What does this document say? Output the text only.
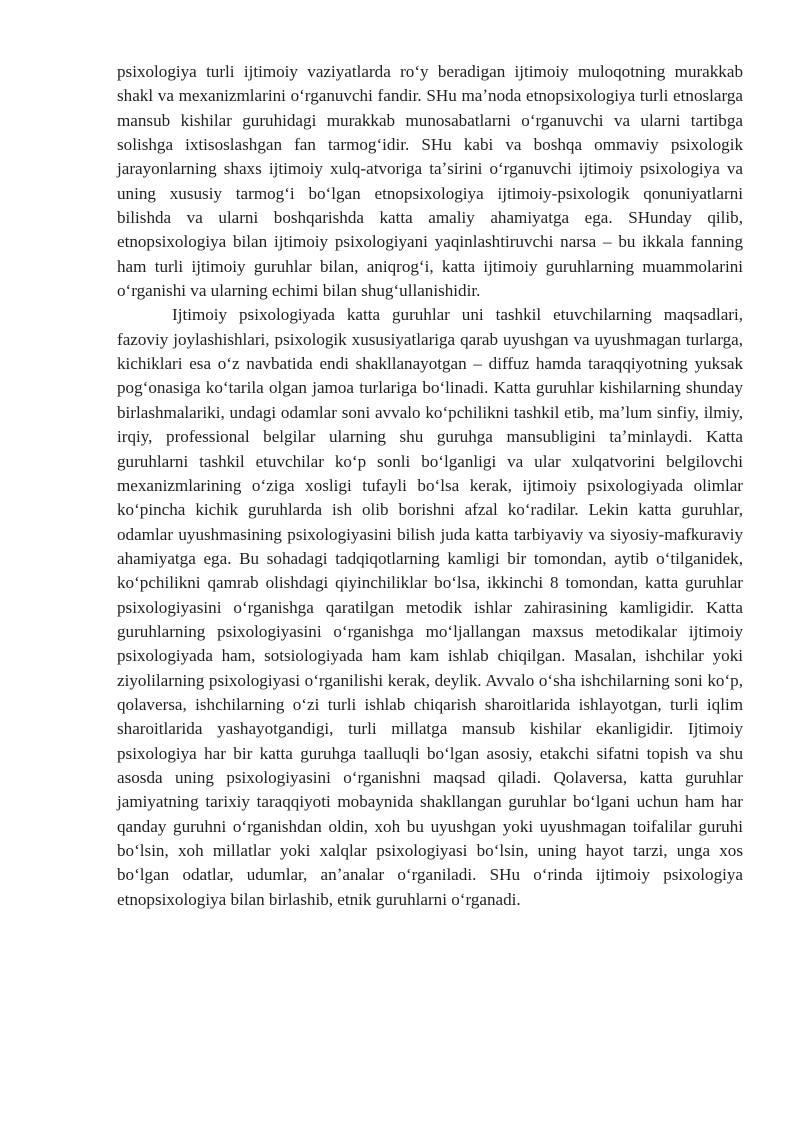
psixologiya turli ijtimoiy vaziyatlarda roʻy beradigan ijtimoiy muloqotning murakkab shakl va mexanizmlarini oʻrganuvchi fandir. SHu maʼnoda etnopsixologiya turli etnoslarga mansub kishilar guruhidagi murakkab munosabatlarni oʻrganuvchi va ularni tartibga solishga ixtisoslashgan fan tarmogʻidir. SHu kabi va boshqa ommaviy psixologik jarayonlarning shaxs ijtimoiy xulq-atvoriga taʼsirini oʻrganuvchi ijtimoiy psixologiya va uning xususiy tarmogʻi boʻlgan etnopsixologiya ijtimoiy-psixologik qonuniyatlarni bilishda va ularni boshqarishda katta amaliy ahamiyatga ega. SHunday qilib, etnopsixologiya bilan ijtimoiy psixologiyani yaqinlashtiruvchi narsa – bu ikkala fanning ham turli ijtimoiy guruhlar bilan, aniqrogʻi, katta ijtimoiy guruhlarning muammolarini oʻrganishi va ularning echimi bilan shugʻullanishidir.

Ijtimoiy psixologiyada katta guruhlar uni tashkil etuvchilarning maqsadlari, fazoviy joylashishlari, psixologik xususiyatlariga qarab uyushgan va uyushmagan turlarga, kichiklari esa oʻz navbatida endi shakllanayotgan – diffuz hamda taraqqiyotning yuksak pogʻonasiga koʻtarila olgan jamoa turlariga boʻlinadi. Katta guruhlar kishilarning shunday birlashmalariki, undagi odamlar soni avvalo koʻpchilikni tashkil etib, maʼlum sinfiy, ilmiy, irqiy, professional belgilar ularning shu guruhga mansubligini taʼminlaydi. Katta guruhlarni tashkil etuvchilar koʻp sonli boʻlganligi va ular xulqatvorini belgilovchi mexanizmlarining oʻziga xosligi tufayli boʻlsa kerak, ijtimoiy psixologiyada olimlar koʻpincha kichik guruhlarda ish olib borishni afzal koʻradilar. Lekin katta guruhlar, odamlar uyushmasining psixologiyasini bilish juda katta tarbiyaviy va siyosiy-mafkuraviy ahamiyatga ega. Bu sohadagi tadqiqotlarning kamligi bir tomondan, aytib oʻtilganidek, koʻpchilikni qamrab olishdagi qiyinchiliklar boʻlsa, ikkinchi 8 tomondan, katta guruhlar psixologiyasini oʻrganishga qaratilgan metodik ishlar zahirasining kamligidir. Katta guruhlarning psixologiyasini oʻrganishga moʻljallangan maxsus metodikalar ijtimoiy psixologiyada ham, sotsiologiyada ham kam ishlab chiqilgan. Masalan, ishchilar yoki ziyolilarning psixologiyasi oʻrganilishi kerak, deylik. Avvalo oʻsha ishchilarning soni koʻp, qolaversa, ishchilarning oʻzi turli ishlab chiqarish sharoitlarida ishlayotgan, turli iqlim sharoitlarida yashayotgandigi, turli millatga mansub kishilar ekanligidir. Ijtimoiy psixologiya har bir katta guruhga taalluqli boʻlgan asosiy, etakchi sifatni topish va shu asosda uning psixologiyasini oʻrganishni maqsad qiladi. Qolaversa, katta guruhlar jamiyatning tarixiy taraqqiyoti mobaynida shakllangan guruhlar boʻlgani uchun ham har qanday guruhni oʻrganishdan oldin, xoh bu uyushgan yoki uyushmagan toifalilar guruhi boʻlsin, xoh millatlar yoki xalqlar psixologiyasi boʻlsin, uning hayot tarzi, unga xos boʻlgan odatlar, udumlar, anʼanalar oʻrganiladi. SHu oʻrinda ijtimoiy psixologiya etnopsixologiya bilan birlashib, etnik guruhlarni oʻrganadi.
